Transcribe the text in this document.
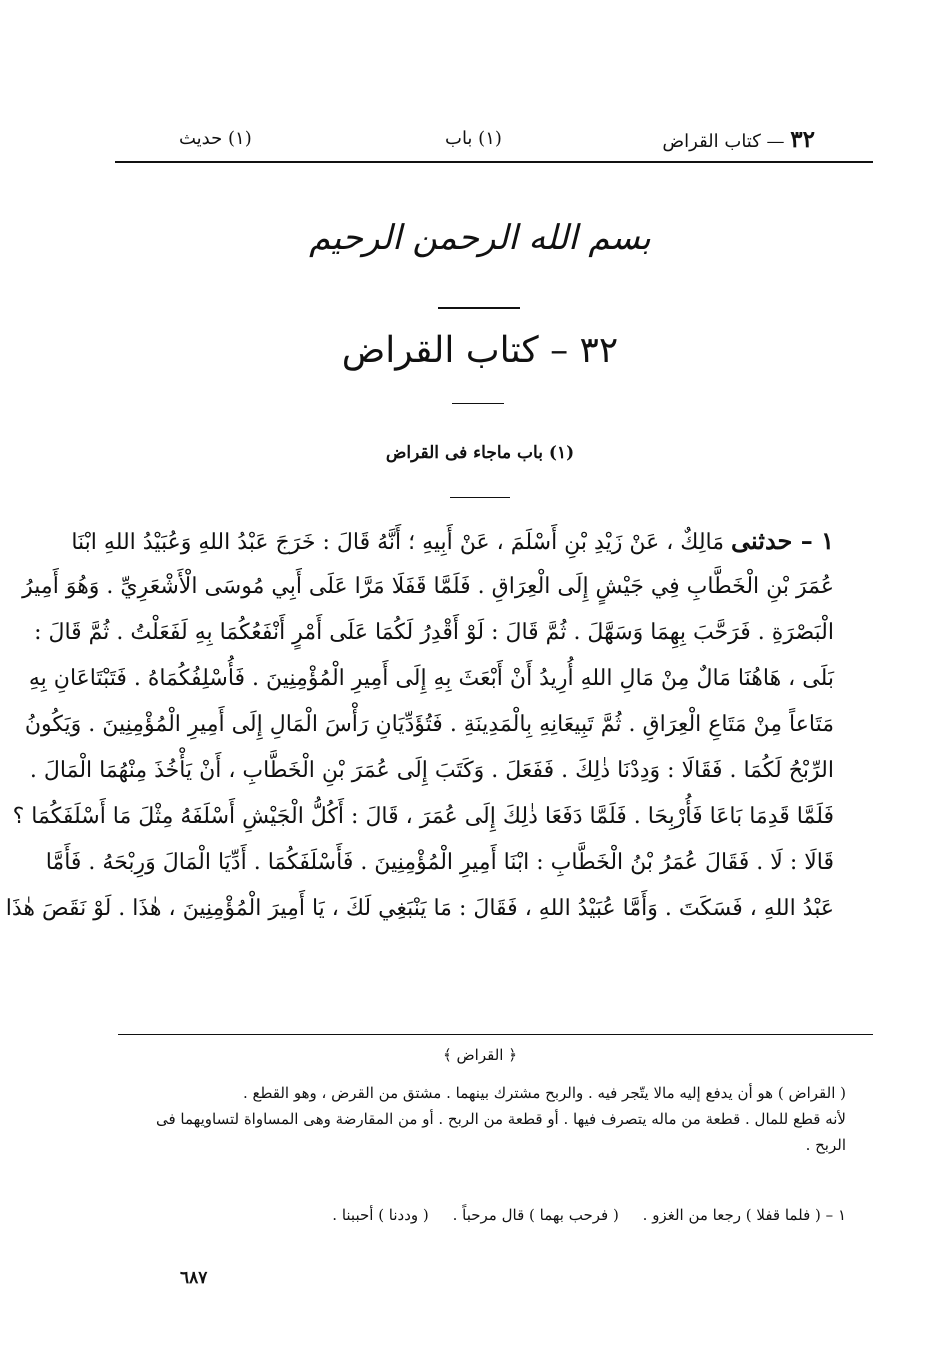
٣٢ — كتاب القراض
(١) باب
(١) حديث
بسم الله الرحمن الرحيم
٣٢ – كتاب القراض
(١) باب ماجاء فى القراض
١ – حدثنى مَالِكٌ ، عَنْ زَيْدِ بْنِ أَسْلَمَ ، عَنْ أَبِيهِ ؛ أَنَّهُ قَالَ : خَرَجَ عَبْدُ اللهِ وَعُبَيْدُ اللهِ ابْنَا
عُمَرَ بْنِ الْخَطَّابِ فِي جَيْشٍ إِلَى الْعِرَاقِ . فَلَمَّا قَفَلَا مَرَّا عَلَى أَبِي مُوسَى الْأَشْعَرِيِّ . وَهُوَ أَمِيرُ
الْبَصْرَةِ . فَرَحَّبَ بِهِمَا وَسَهَّلَ . ثُمَّ قَالَ : لَوْ أَقْدِرُ لَكُمَا عَلَى أَمْرٍ أَنْفَعُكُمَا بِهِ لَفَعَلْتُ . ثُمَّ قَالَ :
بَلَى ، هَاهُنَا مَالٌ مِنْ مَالِ اللهِ أُرِيدُ أَنْ أَبْعَثَ بِهِ إِلَى أَمِيرِ الْمُؤْمِنِينَ . فَأُسْلِفُكُمَاهُ . فَتَبْتَاعَانِ بِهِ
مَتَاعاً مِنْ مَتَاعِ الْعِرَاقِ . ثُمَّ تَبِيعَانِهِ بِالْمَدِينَةِ . فَتُؤَدِّيَانِ رَأْسَ الْمَالِ إِلَى أَمِيرِ الْمُؤْمِنِينَ . وَيَكُونُ
الرِّبْحُ لَكُمَا . فَقَالَا : وَدِدْنَا ذٰلِكَ . فَفَعَلَ . وَكَتَبَ إِلَى عُمَرَ بْنِ الْخَطَّابِ ، أَنْ يَأْخُذَ مِنْهُمَا الْمَالَ .
فَلَمَّا قَدِمَا بَاعَا فَأُرْبِحَا . فَلَمَّا دَفَعَا ذٰلِكَ إِلَى عُمَرَ ، قَالَ : أَكُلُّ الْجَيْشِ أَسْلَفَهُ مِثْلَ مَا أَسْلَفَكُمَا ؟
قَالَا : لَا . فَقَالَ عُمَرُ بْنُ الْخَطَّابِ : ابْنَا أَمِيرِ الْمُؤْمِنِينَ . فَأَسْلَفَكُمَا . أَدِّيَا الْمَالَ وَرِبْحَهُ . فَأَمَّا
عَبْدُ اللهِ ، فَسَكَتَ . وَأَمَّا عُبَيْدُ اللهِ ، فَقَالَ : مَا يَنْبَغِي لَكَ ، يَا أَمِيرَ الْمُؤْمِنِينَ ، هٰذَا . لَوْ نَقَصَ هٰذَا
﴿ القراض ﴾
( القراض ) هو أن يدفع إليه مالا يتّجر فيه . والربح مشترك بينهما . مشتق من القرض ، وهو القطع .
لأنه قطع للمال . قطعة من ماله يتصرف فيها . أو قطعة من الربح . أو من المقارضة وهى المساواة لتساويهما فى
الربح .
١ – ( فلما قفلا ) رجعا من الغزو .     ( فرحب بهما ) قال مرحباً .     ( وددنا ) أحببنا .
٦٨٧
